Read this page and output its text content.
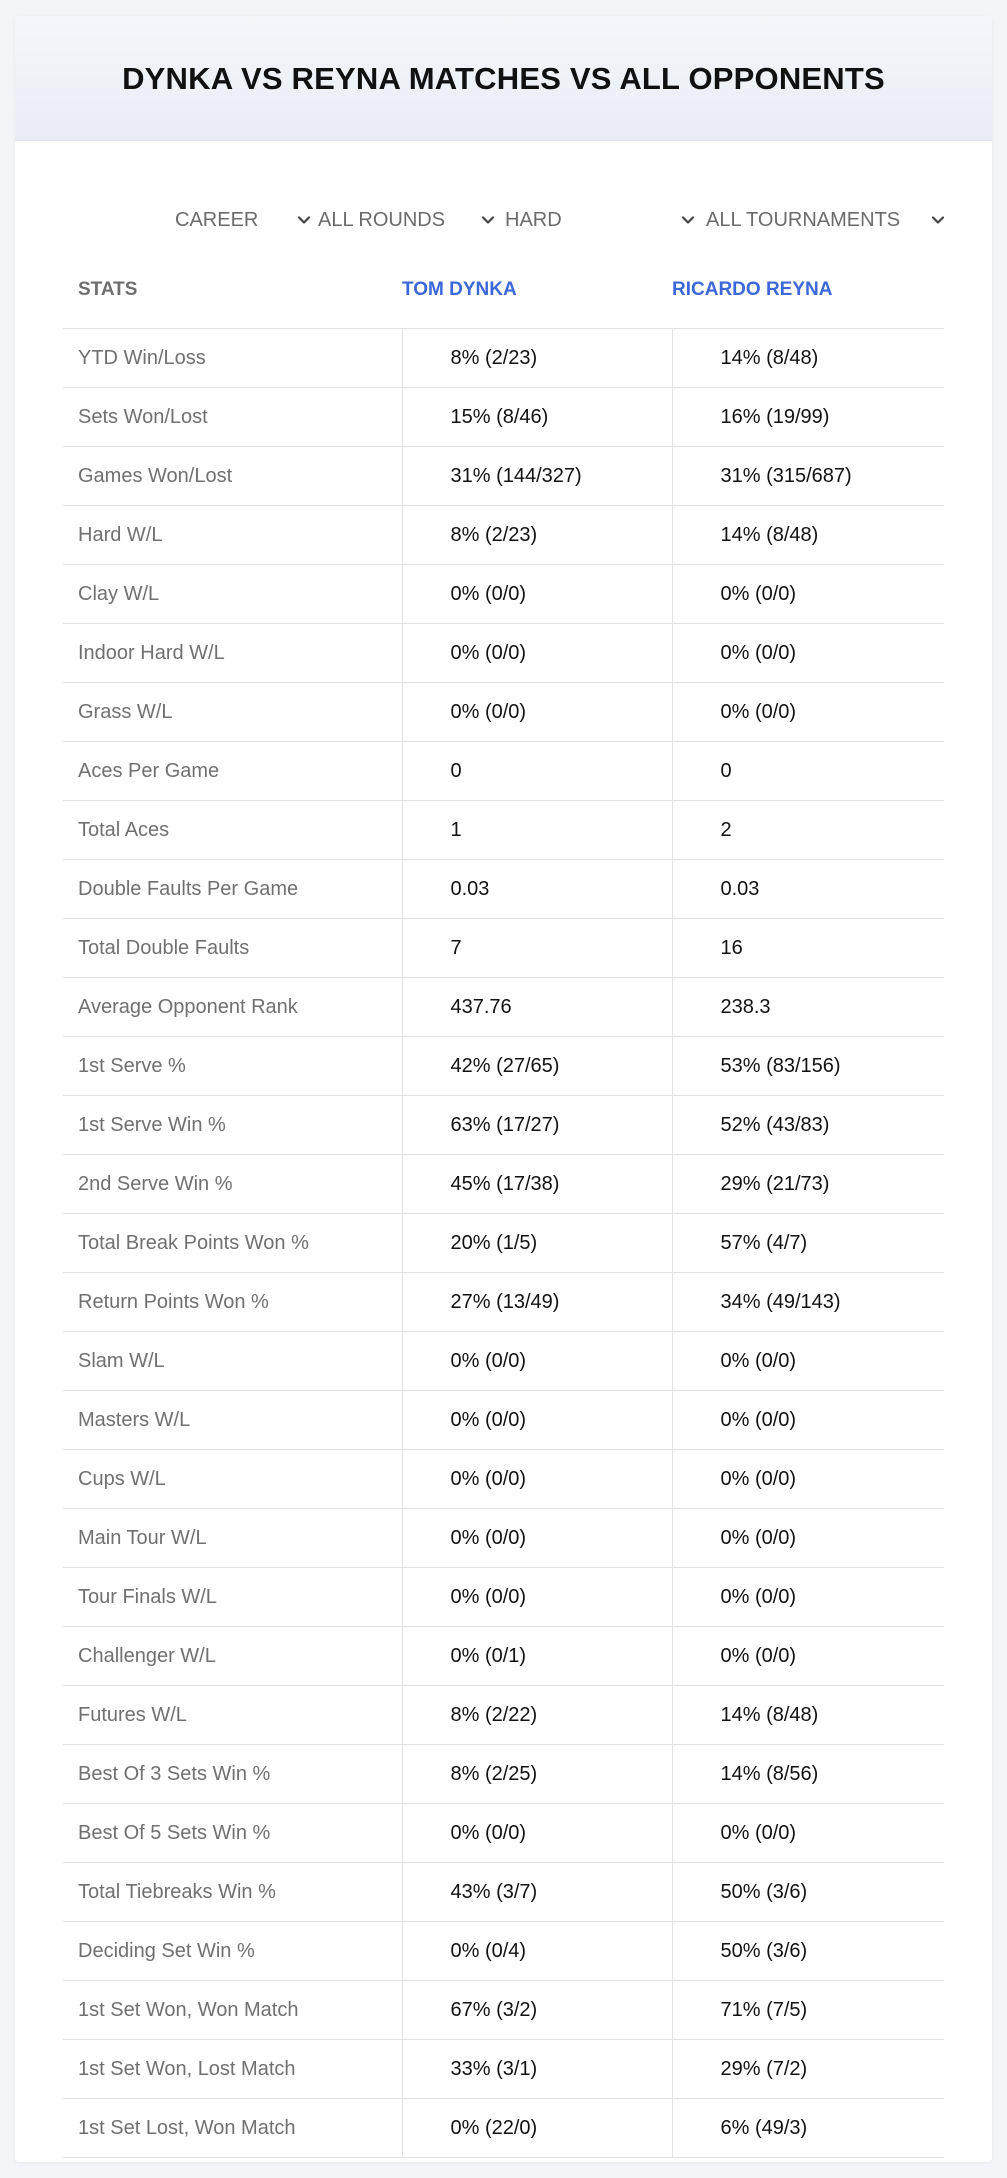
DYNKA VS REYNA MATCHES VS ALL OPPONENTS
CAREER	ALL ROUNDS	HARD	ALL TOURNAMENTS
STATS	TOM DYNKA	RICARDO REYNA
YTD Win/Loss	8% (2/23)	14% (8/48)
Sets Won/Lost	15% (8/46)	16% (19/99)
Games Won/Lost	31% (144/327)	31% (315/687)
Hard W/L	8% (2/23)	14% (8/48)
Clay W/L	0% (0/0)	0% (0/0)
Indoor Hard W/L	0% (0/0)	0% (0/0)
Grass W/L	0% (0/0)	0% (0/0)
Aces Per Game	0	0
Total Aces	1	2
Double Faults Per Game	0.03	0.03
Total Double Faults	7	16
Average Opponent Rank	437.76	238.3
1st Serve %	42% (27/65)	53% (83/156)
1st Serve Win %	63% (17/27)	52% (43/83)
2nd Serve Win %	45% (17/38)	29% (21/73)
Total Break Points Won %	20% (1/5)	57% (4/7)
Return Points Won %	27% (13/49)	34% (49/143)
Slam W/L	0% (0/0)	0% (0/0)
Masters W/L	0% (0/0)	0% (0/0)
Cups W/L	0% (0/0)	0% (0/0)
Main Tour W/L	0% (0/0)	0% (0/0)
Tour Finals W/L	0% (0/0)	0% (0/0)
Challenger W/L	0% (0/1)	0% (0/0)
Futures W/L	8% (2/22)	14% (8/48)
Best Of 3 Sets Win %	8% (2/25)	14% (8/56)
Best Of 5 Sets Win %	0% (0/0)	0% (0/0)
Total Tiebreaks Win %	43% (3/7)	50% (3/6)
Deciding Set Win %	0% (0/4)	50% (3/6)
1st Set Won, Won Match	67% (3/2)	71% (7/5)
1st Set Won, Lost Match	33% (3/1)	29% (7/2)
1st Set Lost, Won Match	0% (22/0)	6% (49/3)
